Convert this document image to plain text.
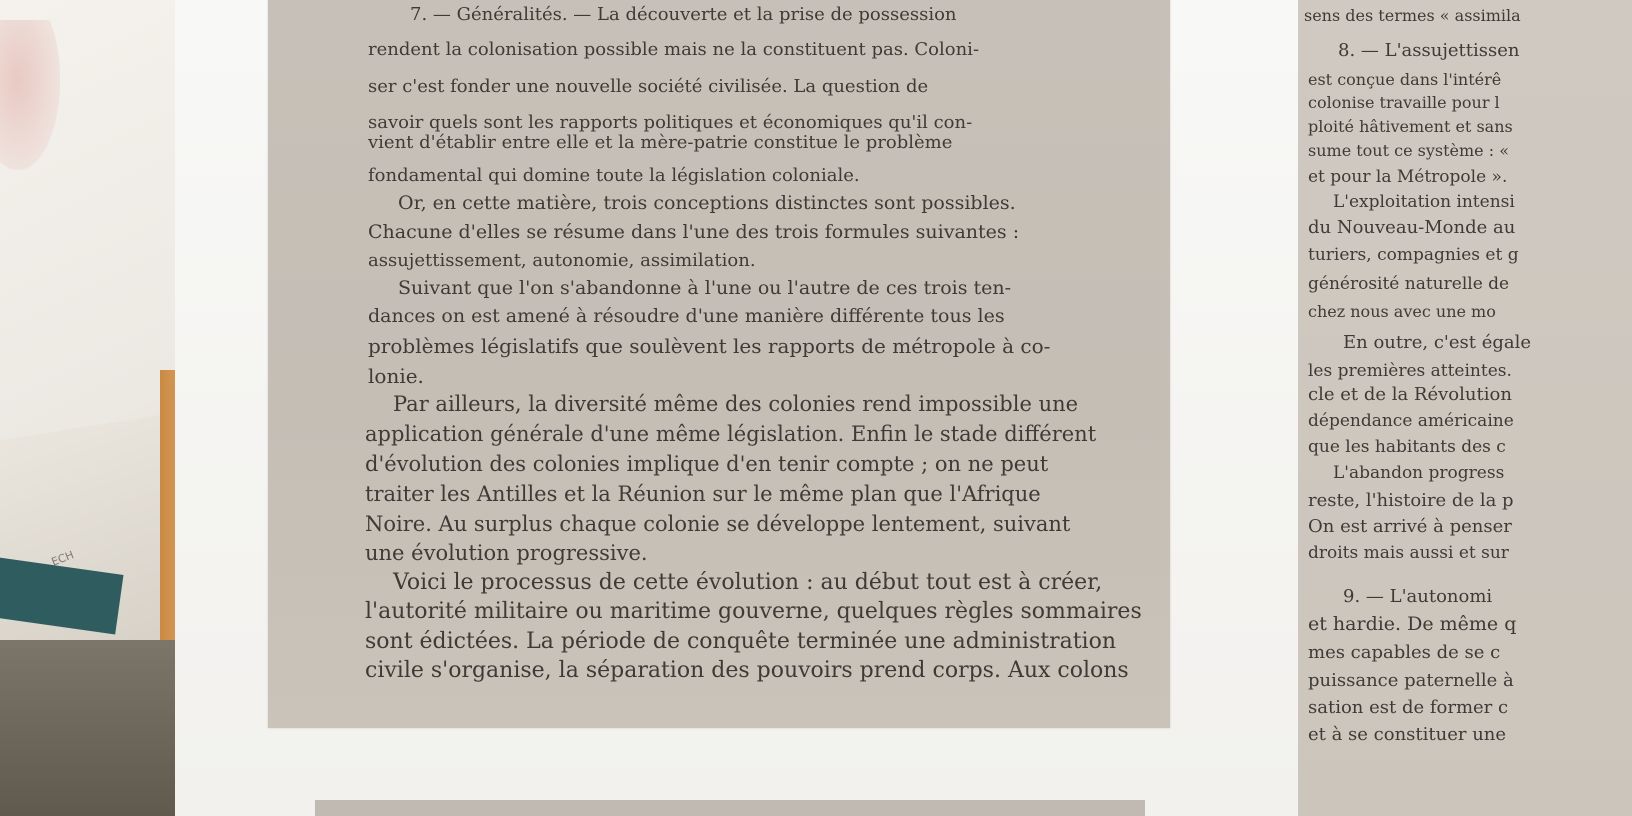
ECH
7. — Généralités. — La découverte et la prise de possession
rendent la colonisation possible mais ne la constituent pas. Coloni-
ser c'est fonder une nouvelle société civilisée. La question de
savoir quels sont les rapports politiques et économiques qu'il con-
vient d'établir entre elle et la mère-patrie constitue le problème
fondamental qui domine toute la législation coloniale.
Or, en cette matière, trois conceptions distinctes sont possibles.
Chacune d'elles se résume dans l'une des trois formules suivantes :
assujettissement, autonomie, assimilation.
Suivant que l'on s'abandonne à l'une ou l'autre de ces trois ten-
dances on est amené à résoudre d'une manière différente tous les
problèmes législatifs que soulèvent les rapports de métropole à co-
lonie.
Par ailleurs, la diversité même des colonies rend impossible une
application générale d'une même législation. Enfin le stade différent
d'évolution des colonies implique d'en tenir compte ; on ne peut
traiter les Antilles et la Réunion sur le même plan que l'Afrique
Noire. Au surplus chaque colonie se développe lentement, suivant
une évolution progressive.
Voici le processus de cette évolution : au début tout est à créer,
l'autorité militaire ou maritime gouverne, quelques règles sommaires
sont édictées. La période de conquête terminée une administration
civile s'organise, la séparation des pouvoirs prend corps. Aux colons
sens des termes « assimila
8. — L'assujettissen
est conçue dans l'intérê
colonise travaille pour l
ploité hâtivement et sans
sume tout ce système : «
et pour la Métropole ».
L'exploitation intensi
du Nouveau-Monde au
turiers, compagnies et g
générosité naturelle de
chez nous avec une mo
En outre, c'est égale
les premières atteintes.
cle et de la Révolution
dépendance américaine
que les habitants des c
L'abandon progress
reste, l'histoire de la p
On est arrivé à penser
droits mais aussi et sur
9. — L'autonomi
et hardie. De même q
mes capables de se c
puissance paternelle à
sation est de former c
et à se constituer une
